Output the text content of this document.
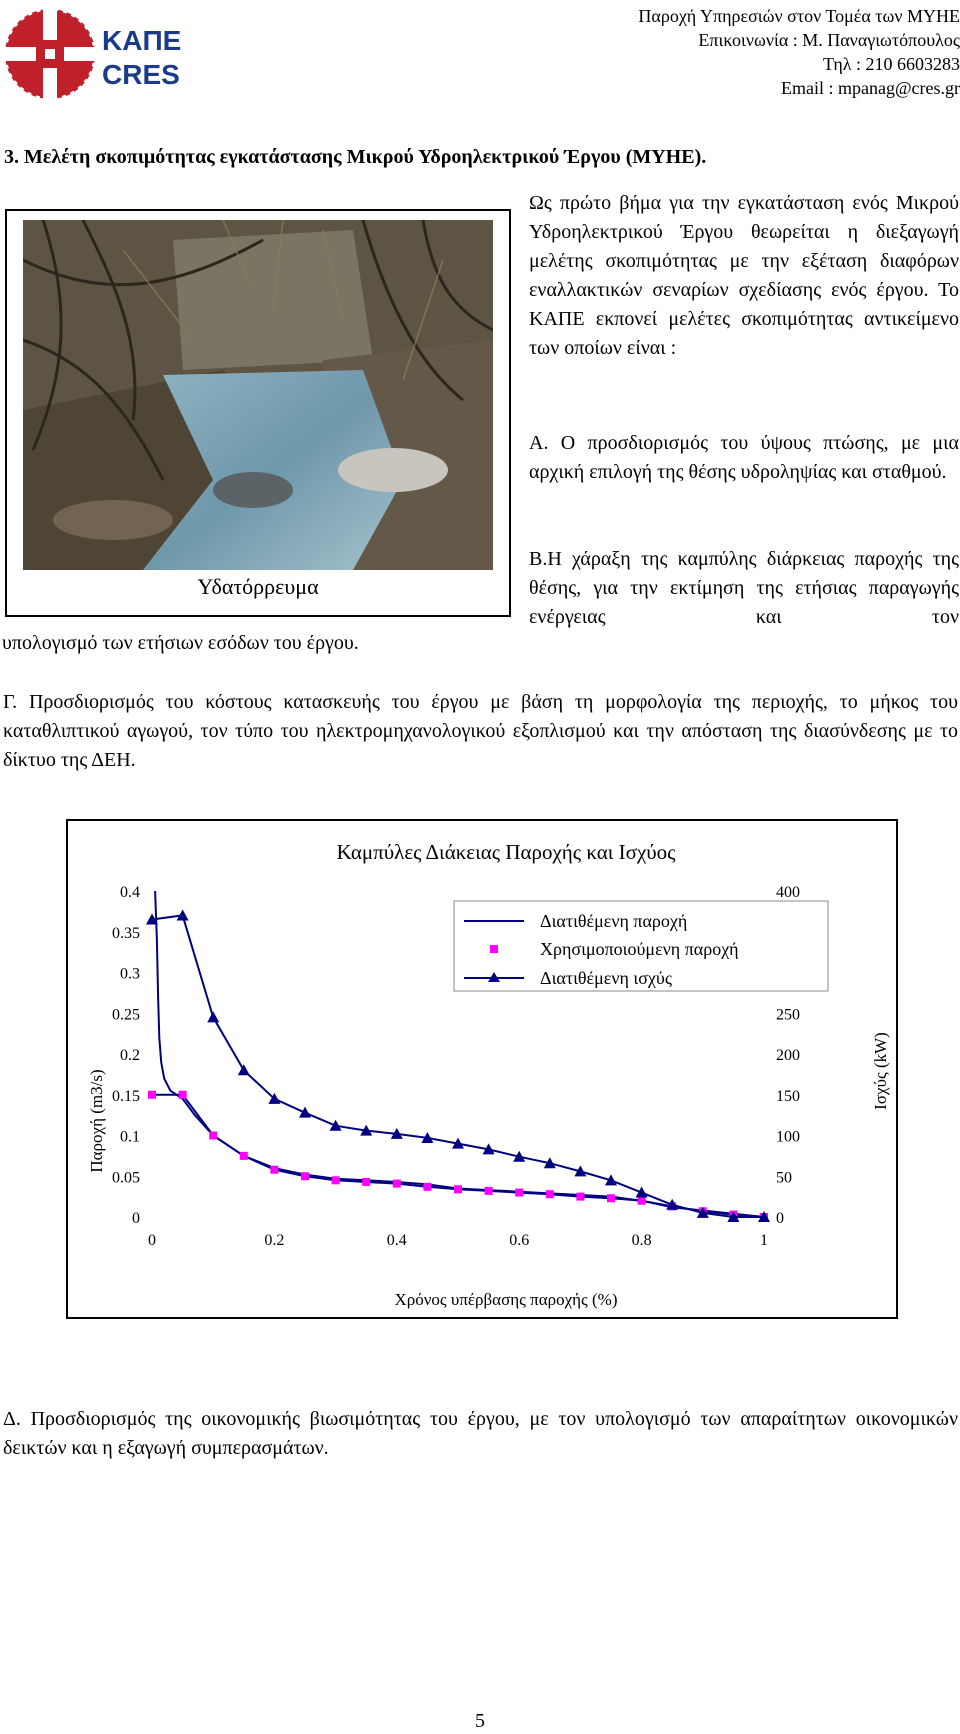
ΚΑΠΕ
CRES
Παροχή Υπηρεσιών στον Τομέα των ΜΥΗΕ
Επικοινωνία : Μ. Παναγιωτόπουλος
Τηλ : 210 6603283
Email : mpanag@cres.gr
3. Μελέτη σκοπιμότητας εγκατάστασης Μικρού Υδροηλεκτρικού Έργου (ΜΥΗΕ).
Υδατόρρευμα
Ως πρώτο βήμα για την εγκατάσταση ενός Μικρού Υδροηλεκτρικού Έργου θεωρείται η διεξαγωγή μελέτης σκοπιμότητας με την εξέταση διαφόρων εναλλακτικών σεναρίων σχεδίασης ενός έργου. Το ΚΑΠΕ εκπονεί μελέτες σκοπιμότητας αντικείμενο των οποίων είναι :
Α. Ο προσδιορισμός του ύψους πτώσης, με μια αρχική επιλογή της θέσης υδροληψίας και σταθμού.
Β.Η χάραξη της καμπύλης διάρκειας παροχής της θέσης, για την εκτίμηση της ετήσιας παραγωγής ενέργειας και τον
υπολογισμό των ετήσιων εσόδων του έργου.
Γ. Προσδιορισμός του κόστους κατασκευής του έργου με βάση τη μορφολογία της περιοχής, το μήκος του καταθλιπτικού αγωγού, τον τύπο του ηλεκτρομηχανολογικού εξοπλισμού και την απόσταση της διασύνδεσης με το δίκτυο της ΔΕΗ.
Καμπύλες Διάκειας Παροχής και Ισχύος
0
0.05
0.1
0.15
0.2
0.25
0.3
0.35
0.4
0
50
100
150
200
250
400
0	0.2	0.4	0.6	0.8	1
Χρόνος υπέρβασης παροχής (%)
Παροχή (m3/s)	Ισχύς (kW)
Διατιθέμενη παροχή
Χρησιμοποιούμενη παροχή
Διατιθέμενη ισχύς
Δ. Προσδιορισμός της οικονομικής βιωσιμότητας του έργου, με τον υπολογισμό των απαραίτητων οικονομικών δεικτών και η εξαγωγή συμπερασμάτων.
5
